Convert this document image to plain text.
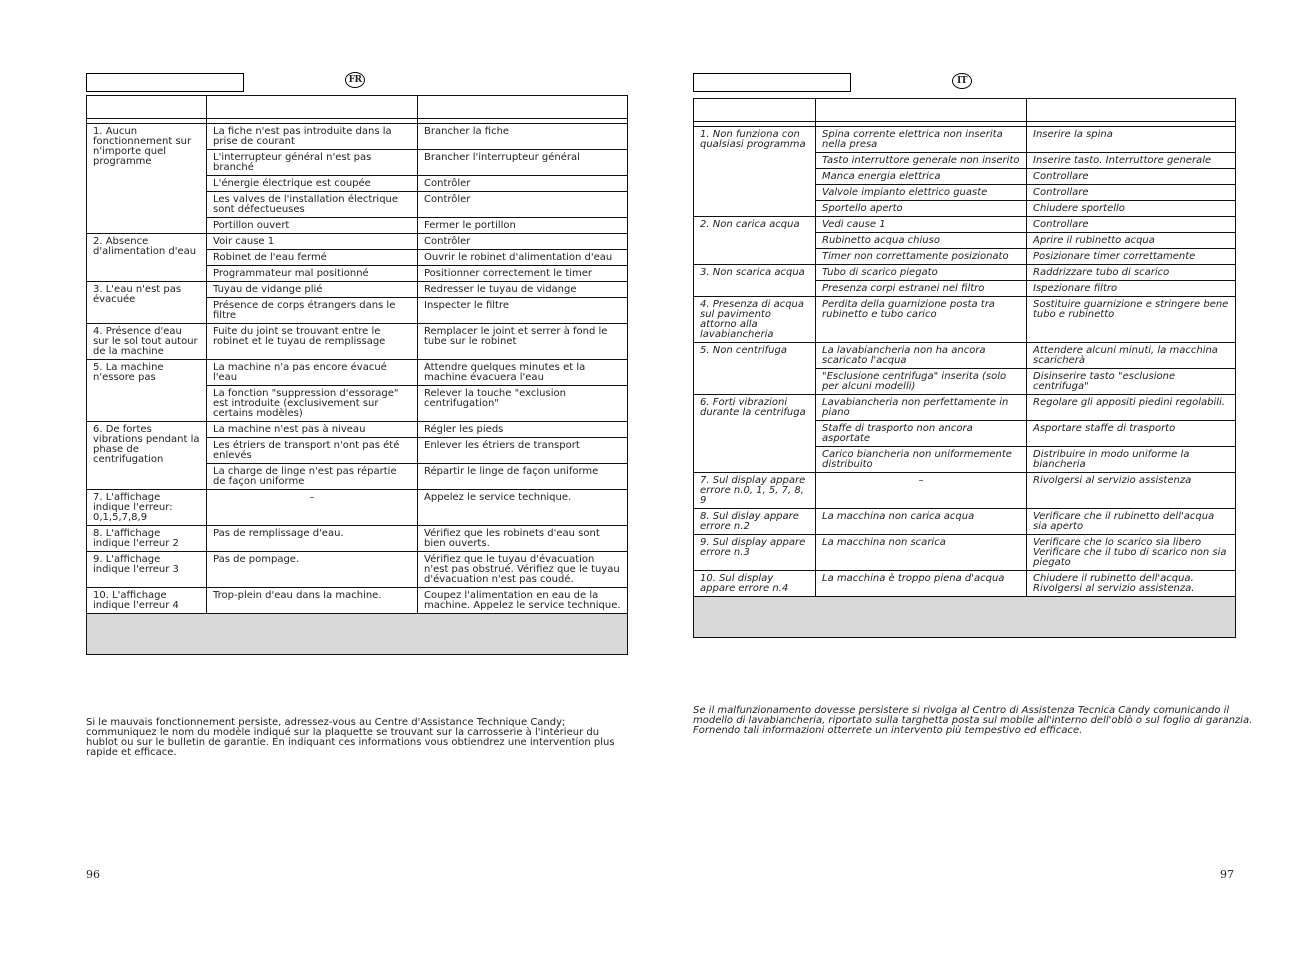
FR

1. Aucun fonctionnement sur n'importe quel programme	La fiche n'est pas introduite dans la prise de courant	Brancher la fiche
	L'interrupteur général n'est pas branché	Brancher l'interrupteur général
	L'énergie électrique est coupée	Contrôler
	Les valves de l'installation électrique sont défectueuses	Contrôler
	Portillon ouvert	Fermer le portillon
2. Absence d'alimentation d'eau	Voir cause 1	Contrôler
	Robinet de l'eau fermé	Ouvrir le robinet d'alimentation d'eau
	Programmateur mal positionné	Positionner correctement le timer
3. L'eau n'est pas évacuée	Tuyau de vidange plié	Redresser le tuyau de vidange
	Présence de corps étrangers dans le filtre	Inspecter le filtre
4. Présence d'eau sur le sol tout autour de la machine	Fuite du joint se trouvant entre le robinet et le tuyau de remplissage	Remplacer le joint et serrer à fond le tube sur le robinet
5. La machine n'essore pas	La machine n'a pas encore évacué l'eau	Attendre quelques minutes et la machine évacuera l'eau
	La fonction "suppression d'essorage" est introduite (exclusivement sur certains modèles)	Relever la touche "exclusion centrifugation"
6. De fortes vibrations pendant la phase de centrifugation	La machine n'est pas à niveau	Régler les pieds
	Les étriers de transport n'ont pas été enlevés	Enlever les étriers de transport
	La charge de linge n'est pas répartie de façon uniforme	Répartir le linge de façon uniforme
7. L'affichage indique l'erreur: 0,1,5,7,8,9	–	Appelez le service technique.
8. L'affichage indique l'erreur 2	Pas de remplissage d'eau.	Vérifiez que les robinets d'eau sont bien ouverts.
9. L'affichage indique l'erreur 3	Pas de pompage.	Vérifiez que le tuyau d'évacuation n'est pas obstrué. Vérifiez que le tuyau d'évacuation n'est pas coudé.
10. L'affichage indique l'erreur 4	Trop-plein d'eau dans la machine.	Coupez l'alimentation en eau de la machine. Appelez le service technique.

Si le mauvais fonctionnement persiste, adressez-vous au Centre d'Assistance Technique Candy; communiquez le nom du modèle indiqué sur la plaquette se trouvant sur la carrosserie à l'intérieur du hublot ou sur le bulletin de garantie. En indiquant ces informations vous obtiendrez une intervention plus rapide et efficace.
96
IT

1. Non funziona con qualsiasi programma	Spina corrente elettrica non inserita nella presa	Inserire la spina
	Tasto interruttore generale non inserito	Inserire tasto. Interruttore generale
	Manca energia elettrica	Controllare
	Valvole impianto elettrico guaste	Controllare
	Sportello aperto	Chiudere sportello
2. Non carica acqua	Vedi cause 1	Controllare
	Rubinetto acqua chiuso	Aprire il rubinetto acqua
	Timer non correttamente posizionato	Posizionare timer correttamente
3. Non scarica acqua	Tubo di scarico piegato	Raddrizzare tubo di scarico
	Presenza corpi estranei nel filtro	Ispezionare filtro
4. Presenza di acqua sul pavimento attorno alla lavabiancheria	Perdita della guarnizione posta tra rubinetto e tubo carico	Sostituire guarnizione e stringere bene tubo e rubinetto
5. Non centrifuga	La lavabiancheria non ha ancora scaricato l'acqua	Attendere alcuni minuti, la macchina scaricherà
	"Esclusione centrifuga" inserita (solo per alcuni modelli)	Disinserire tasto "esclusione centrifuga"
6. Forti vibrazioni durante la centrifuga	Lavabiancheria non perfettamente in piano	Regolare gli appositi piedini regolabili.
	Staffe di trasporto non ancora asportate	Asportare staffe di trasporto
	Carico biancheria non uniformemente distribuito	Distribuire in modo uniforme la biancheria
7. Sul display appare errore n.0, 1, 5, 7, 8, 9	–	Rivolgersi al servizio assistenza
8. Sul dislay appare errore n.2	La macchina non carica acqua	Verificare che il rubinetto dell'acqua sia aperto
9. Sul display appare errore n.3	La macchina non scarica	Verificare che lo scarico sia libero Verificare che il tubo di scarico non sia piegato
10. Sul display appare errore n.4	La macchina è troppo piena d'acqua	Chiudere il rubinetto dell'acqua. Rivolgersi al servizio assistenza.

Se il malfunzionamento dovesse persistere si rivolga al Centro di Assistenza Tecnica Candy comunicando il modello di lavabiancheria, riportato sulla targhetta posta sul mobile all'interno dell'oblò o sul foglio di garanzia. Fornendo tali informazioni otterrete un intervento più tempestivo ed efficace.
97
